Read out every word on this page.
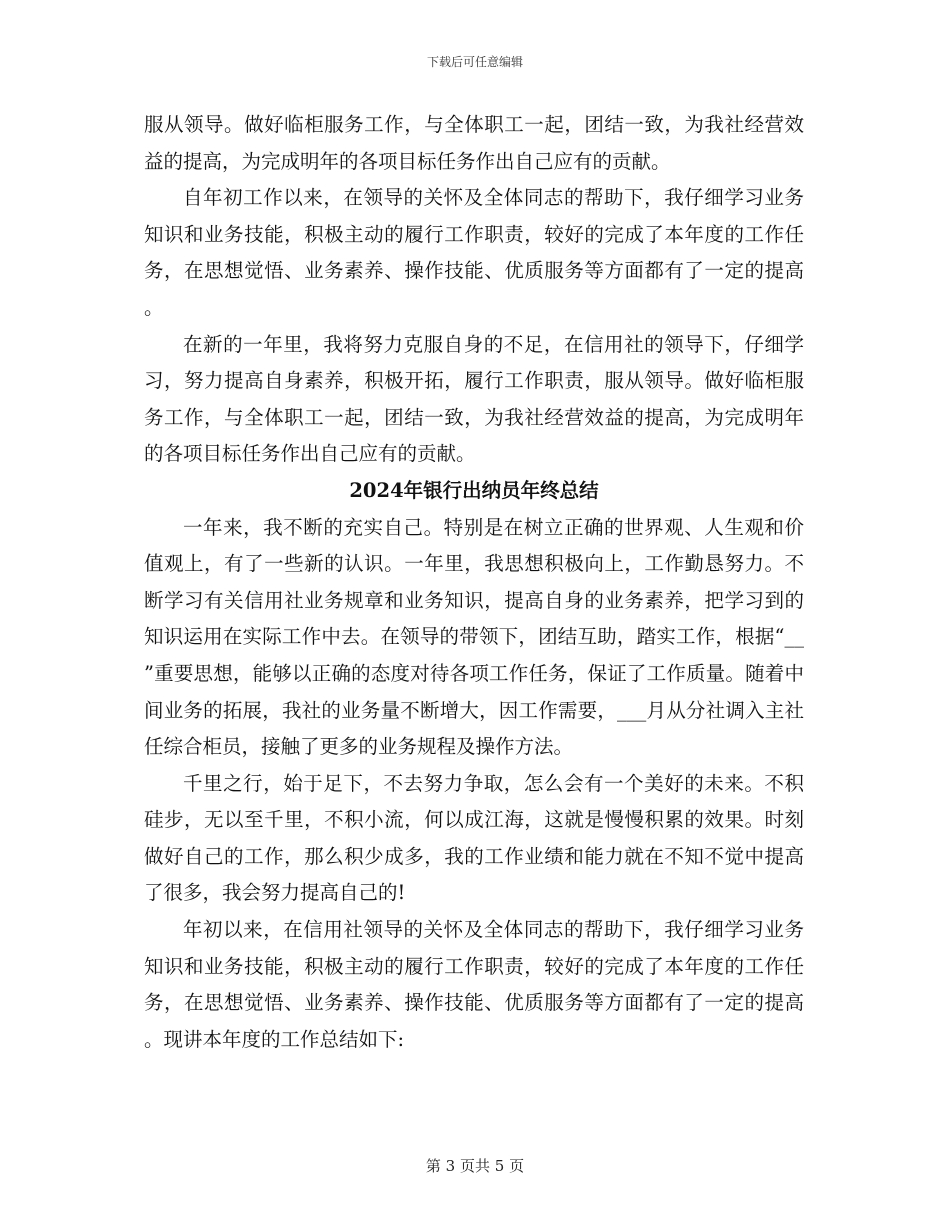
下载后可任意编辑

服从领导。做好临柜服务工作，与全体职工一起，团结一致，为我社经营效益的提高，为完成明年的各项目标任务作出自己应有的贡献。

自年初工作以来，在领导的关怀及全体同志的帮助下，我仔细学习业务知识和业务技能，积极主动的履行工作职责，较好的完成了本年度的工作任务，在思想觉悟、业务素养、操作技能、优质服务等方面都有了一定的提高。

在新的一年里，我将努力克服自身的不足，在信用社的领导下，仔细学习，努力提高自身素养，积极开拓，履行工作职责，服从领导。做好临柜服务工作，与全体职工一起，团结一致，为我社经营效益的提高，为完成明年的各项目标任务作出自己应有的贡献。

2024年银行出纳员年终总结

一年来，我不断的充实自己。特别是在树立正确的世界观、人生观和价值观上，有了一些新的认识。一年里，我思想积极向上，工作勤恳努力。不断学习有关信用社业务规章和业务知识，提高自身的业务素养，把学习到的知识运用在实际工作中去。在领导的带领下，团结互助，踏实工作，根据“__”重要思想，能够以正确的态度对待各项工作任务，保证了工作质量。随着中间业务的拓展，我社的业务量不断增大，因工作需要，___月从分社调入主社任综合柜员，接触了更多的业务规程及操作方法。

千里之行，始于足下，不去努力争取，怎么会有一个美好的未来。不积硅步，无以至千里，不积小流，何以成江海，这就是慢慢积累的效果。时刻做好自己的工作，那么积少成多，我的工作业绩和能力就在不知不觉中提高了很多，我会努力提高自己的!

年初以来，在信用社领导的关怀及全体同志的帮助下，我仔细学习业务知识和业务技能，积极主动的履行工作职责，较好的完成了本年度的工作任务，在思想觉悟、业务素养、操作技能、优质服务等方面都有了一定的提高。现讲本年度的工作总结如下:

第 3 页共 5 页
